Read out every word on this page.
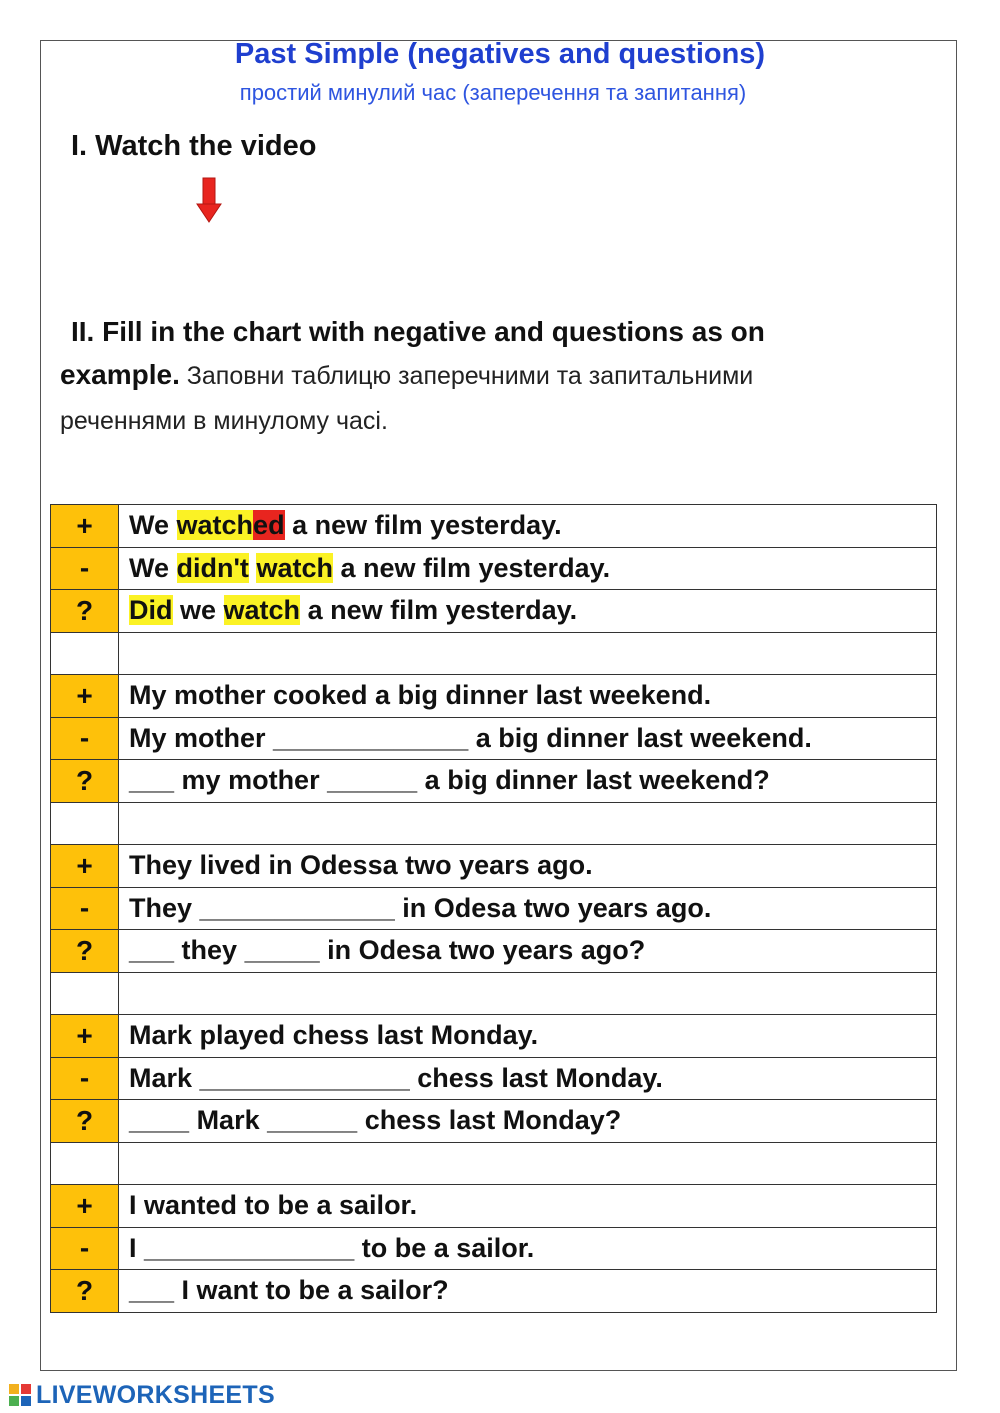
Past Simple (negatives and questions)
простий минулий час (заперечення та запитання)
I. Watch the video
II. Fill in the chart with negative and questions as on
example. Заповни таблицю заперечними та запитальними
реченнями в минулому часі.
+	We watched a new film yesterday.
-	We didn't watch a new film yesterday.
?	Did we watch a new film yesterday.

+	My mother cooked a big dinner last weekend.
-	My mother _____________ a big dinner last weekend.
?	___ my mother ______ a big dinner last weekend?

+	They lived in Odessa two years ago.
-	They _____________ in Odesa two years ago.
?	___ they _____ in Odesa two years ago?

+	Mark played chess last Monday.
-	Mark ______________ chess last Monday.
?	____ Mark ______ chess last Monday?

+	I wanted to be a sailor.
-	I ______________ to be a sailor.
?	___ I want to be a sailor?
LIVEWORKSHEETS
